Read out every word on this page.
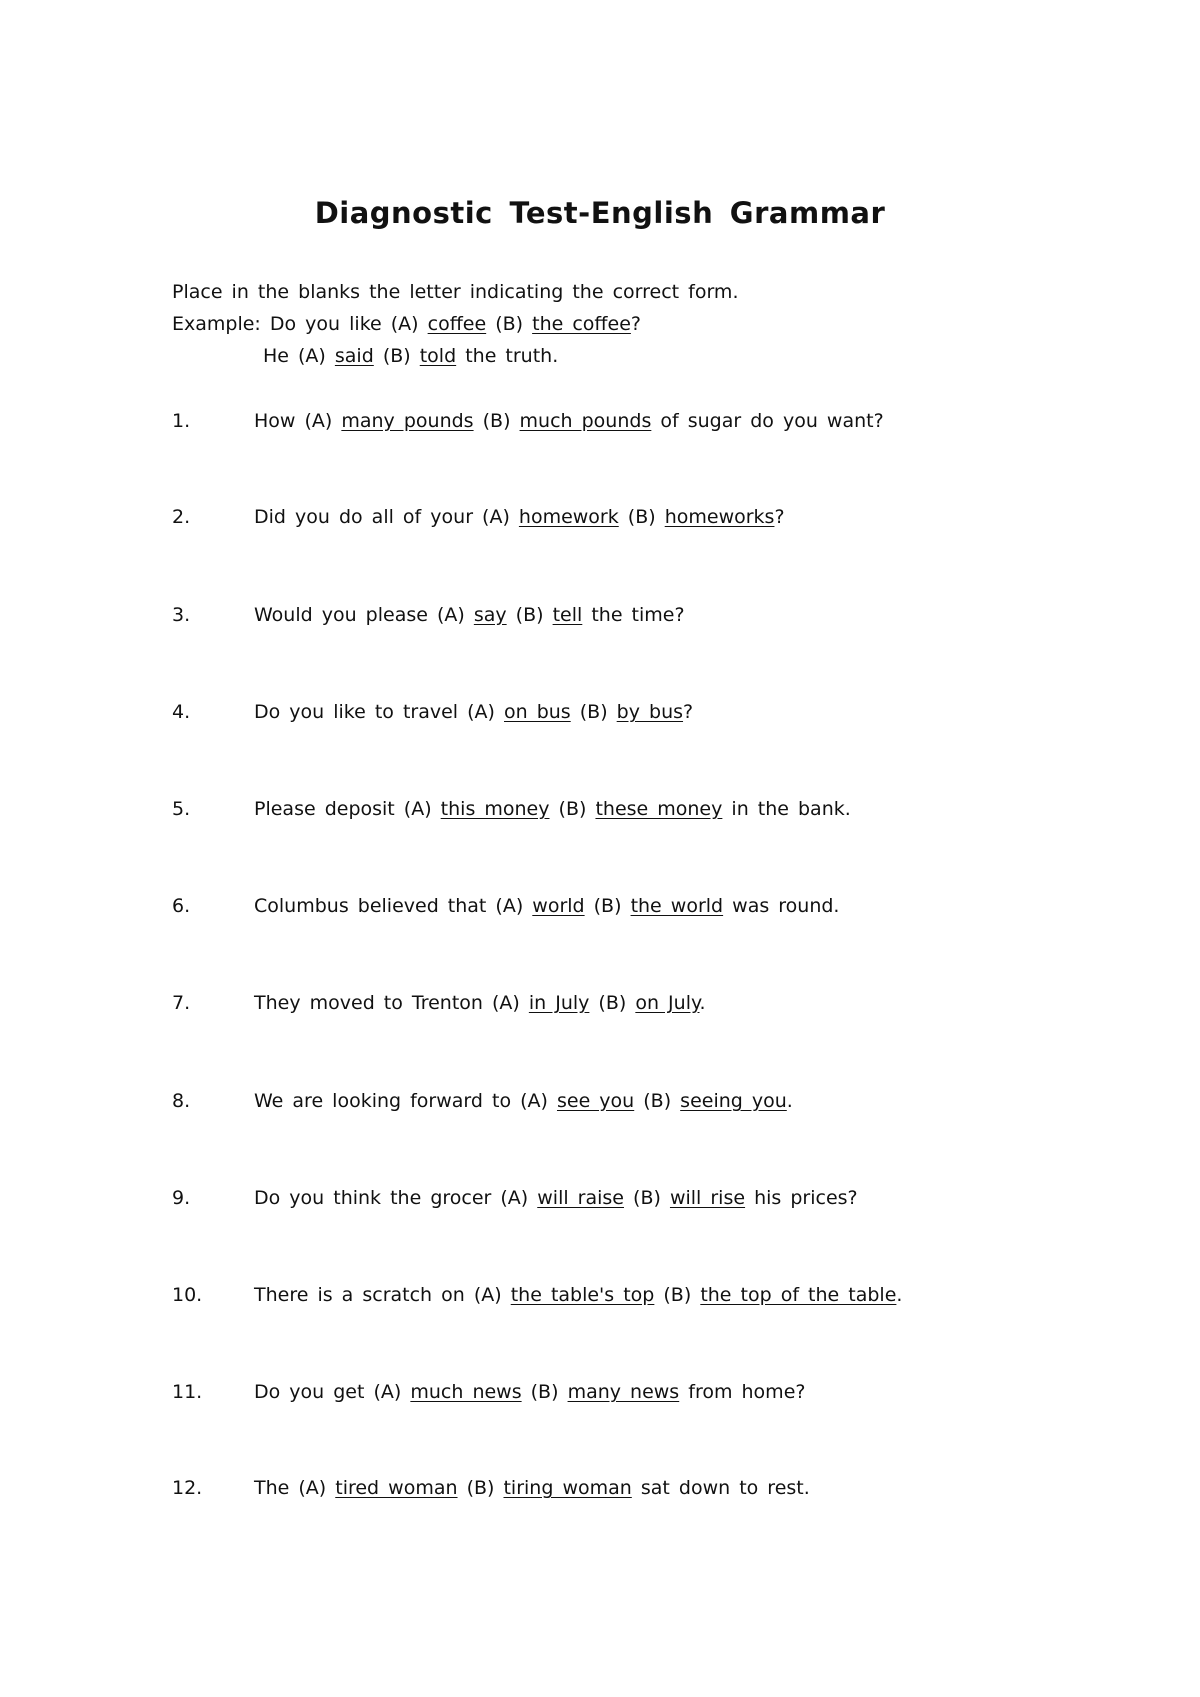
Diagnostic Test-English Grammar
Place in the blanks the letter indicating the correct form.
Example: Do you like (A) coffee (B) the coffee?
He (A) said (B) told the truth.
1.	How (A) many pounds (B) much pounds of sugar do you want?
2.	Did you do all of your (A) homework (B) homeworks?
3.	Would you please (A) say (B) tell the time?
4.	Do you like to travel (A) on bus (B) by bus?
5.	Please deposit (A) this money (B) these money in the bank.
6.	Columbus believed that (A) world (B) the world was round.
7.	They moved to Trenton (A) in July (B) on July.
8.	We are looking forward to (A) see you (B) seeing you.
9.	Do you think the grocer (A) will raise (B) will rise his prices?
10.	There is a scratch on (A) the table's top (B) the top of the table.
11.	Do you get (A) much news (B) many news from home?
12.	The (A) tired woman (B) tiring woman sat down to rest.
